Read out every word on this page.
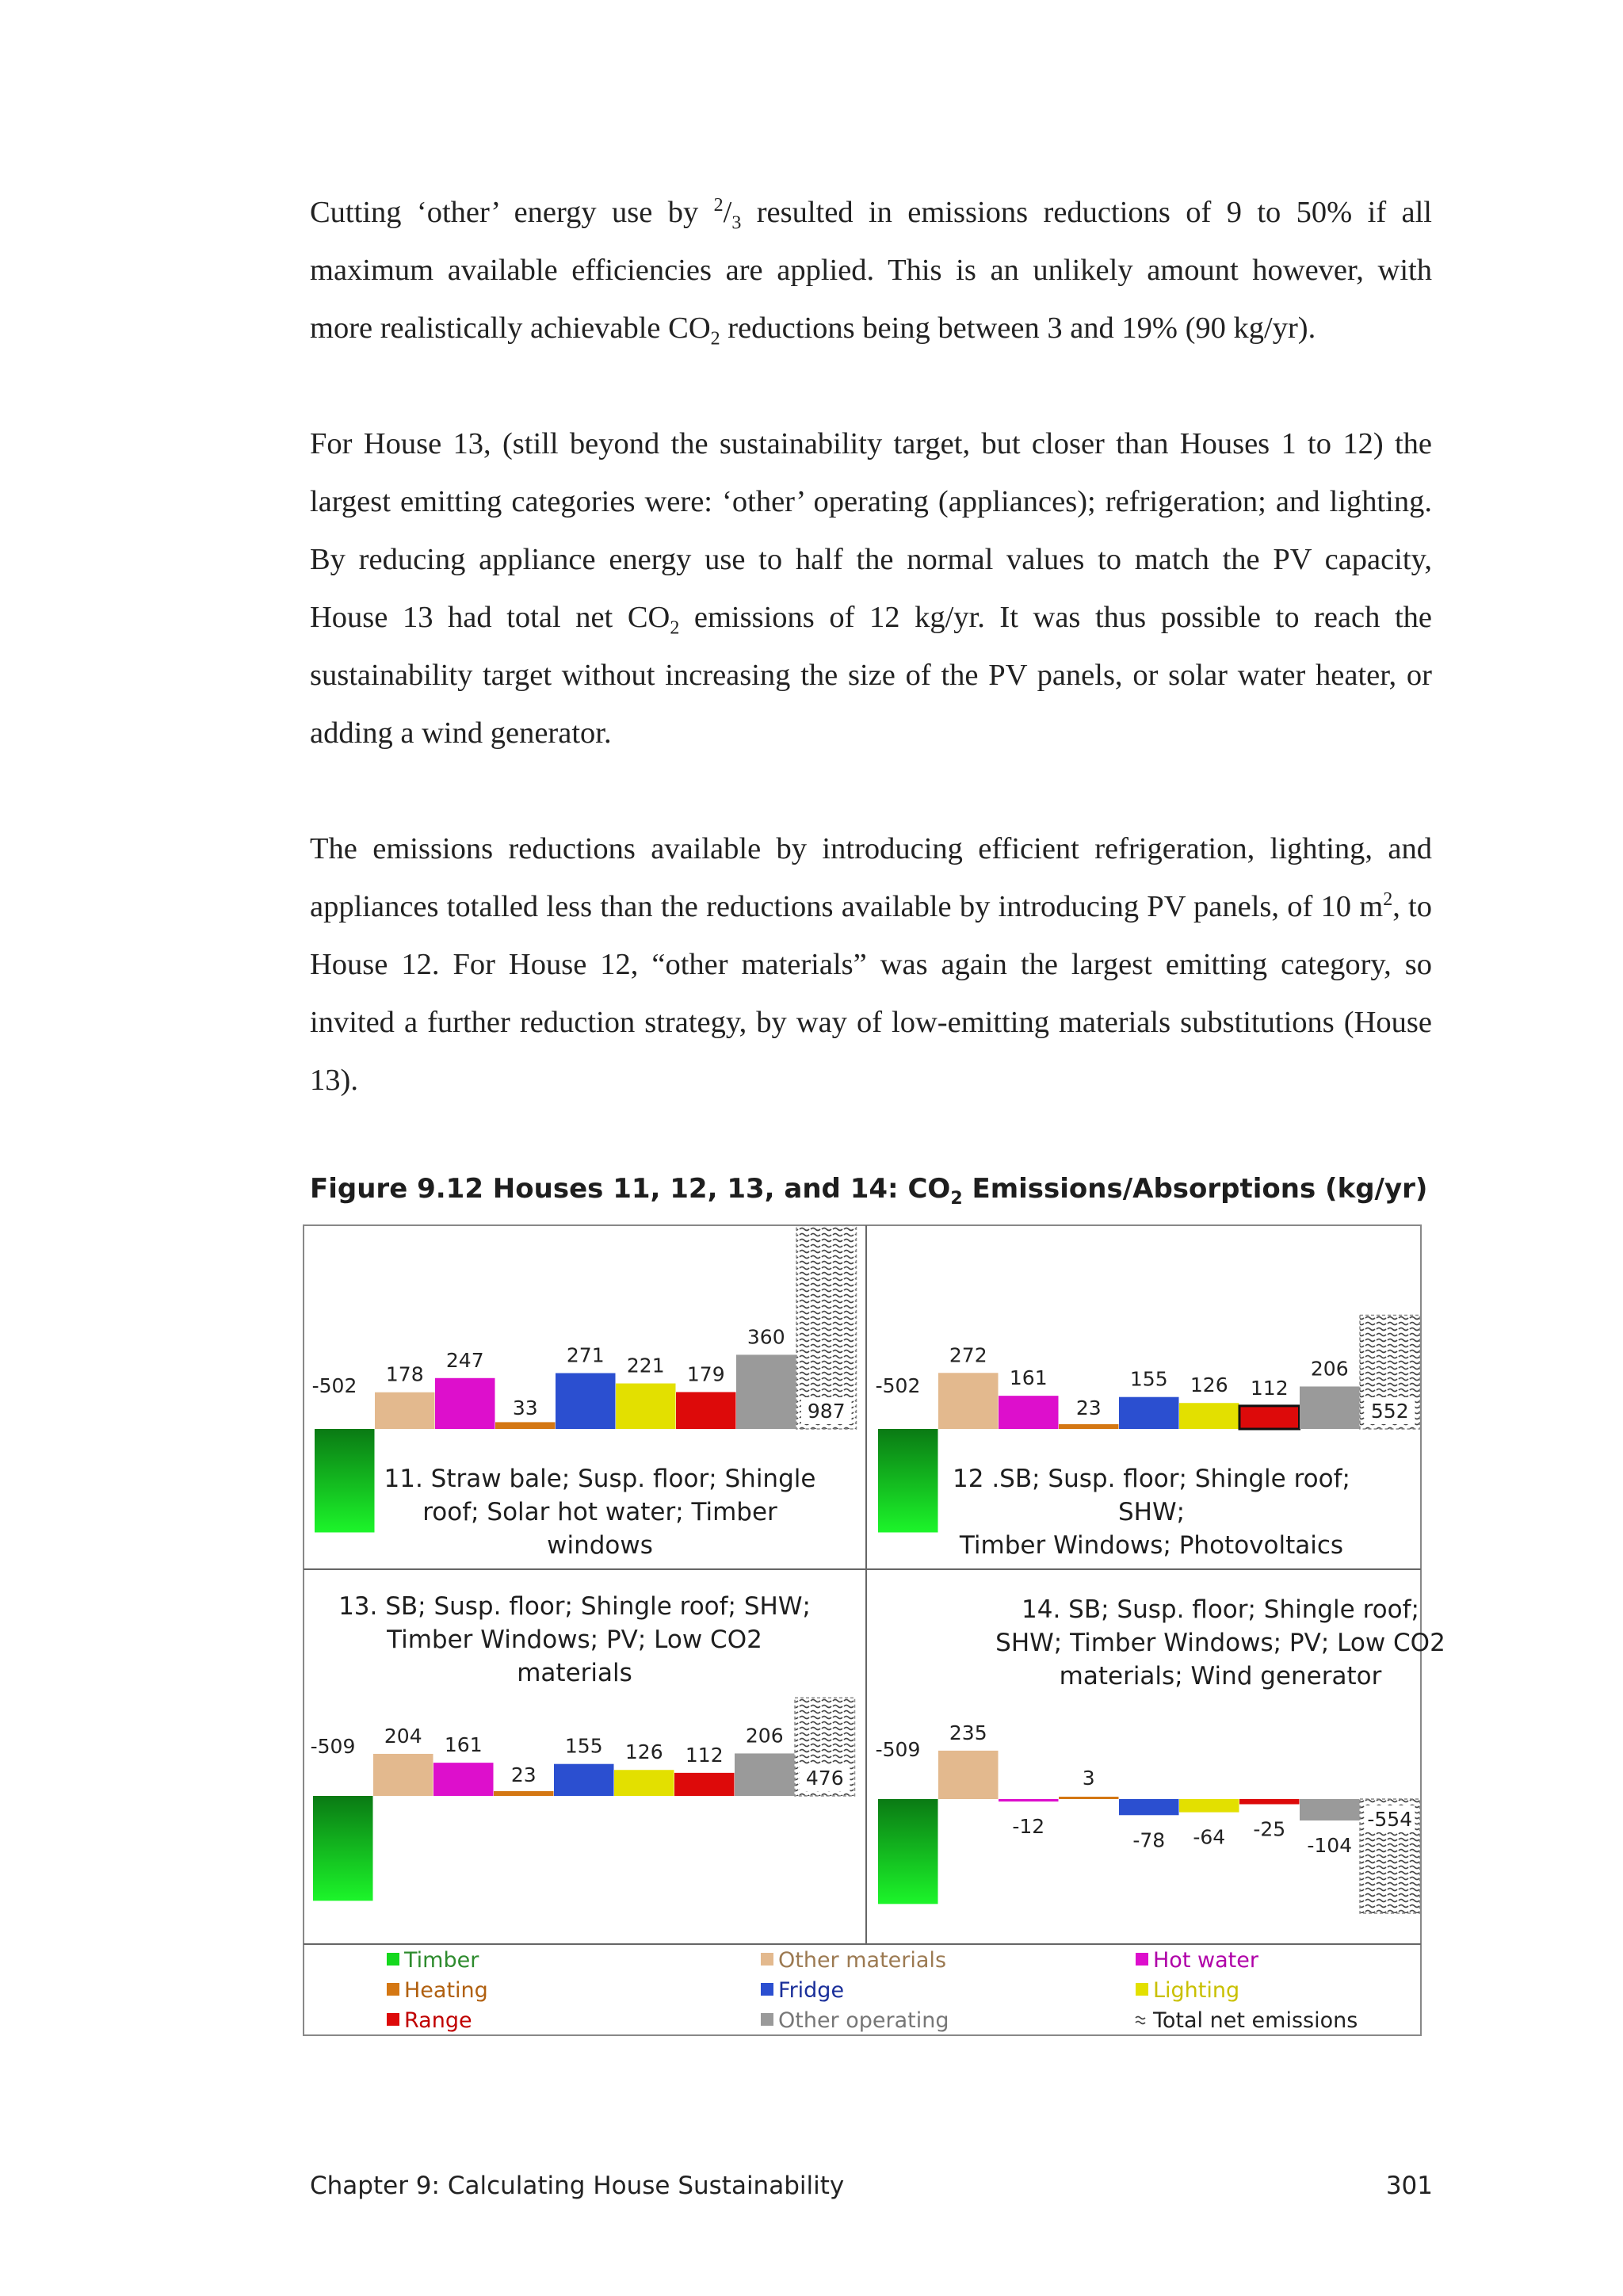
Cutting ‘other’ energy use by $^2/_3$ resulted in emissions reductions of 9 to 50% if all maximum available efficiencies are applied. This is an unlikely amount however, with more realistically achievable $CO_2$ reductions being between 3 and 19% (90 kg/yr).

For House 13, (still beyond the sustainability target, but closer than Houses 1 to 12) the largest emitting categories were: ‘other’ operating (appliances); refrigeration; and lighting. By reducing appliance energy use to half the normal values to match the PV capacity, House 13 had total net $CO_2$ emissions of 12 kg/yr. It was thus possible to reach the sustainability target without increasing the size of the PV panels, or solar water heater, or adding a wind generator.

The emissions reductions available by introducing efficient refrigeration, lighting, and appliances totalled less than the reductions available by introducing PV panels, of 10 $m^2$, to House 12. For House 12, “other materials” was again the largest emitting category, so invited a further reduction strategy, by way of low-emitting materials substitutions (House 13).

Figure 9.12 Houses 11, 12, 13, and 14: $CO_2$ Emissions/Absorptions (kg/yr)

11. Straw bale; Susp. floor; Shingle
roof; Solar hot water; Timber
windows
-502 178
247
33
271 221 179
360
987
12 .SB; Susp. floor; Shingle roof;
SHW;
Timber Windows; Photovoltaics
-502
272
161
23
155 126 112
206
552
13. SB; Susp. floor; Shingle roof; SHW;
Timber Windows; PV; Low CO2
materials
-509 204 161
23
155 126 112
206
476
14. SB; Susp. floor; Shingle roof;
SHW; Timber Windows; PV; Low CO2
materials; Wind generator
-509
235
-12
3
-78 -64 -25
-104
-554
Timber	Other materials	Hot water
Heating	Fridge	Lighting
Range	Other operating	Total net emissions
Chapter 9: Calculating House Sustainability	301
